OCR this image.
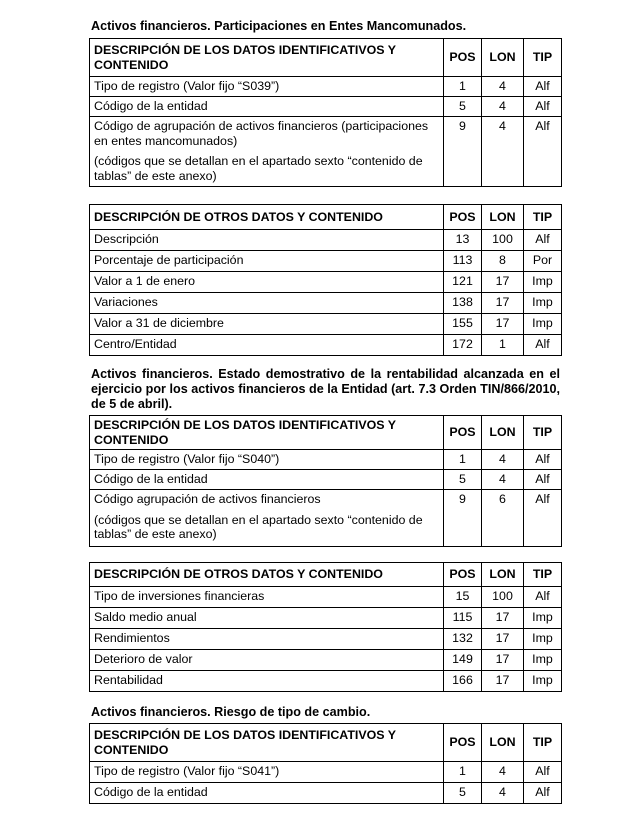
Activos financieros. Participaciones en Entes Mancomunados.

DESCRIPCIÓN DE LOS DATOS IDENTIFICATIVOS Y CONTENIDO	POS	LON	TIP
Tipo de registro (Valor fijo “S039”)	1	4	Alf
Código de la entidad	5	4	Alf
Código de agrupación de activos financieros (participaciones en entes mancomunados)
(códigos que se detallan en el apartado sexto “contenido de tablas” de este anexo)	9	4	Alf
DESCRIPCIÓN DE OTROS DATOS Y CONTENIDO	POS	LON	TIP
Descripción	13	100	Alf
Porcentaje de participación	113	8	Por
Valor a 1 de enero	121	17	Imp
Variaciones	138	17	Imp
Valor a 31 de diciembre	155	17	Imp
Centro/Entidad	172	1	Alf

Activos financieros. Estado demostrativo de la rentabilidad alcanzada en el ejercicio por los activos financieros de la Entidad (art. 7.3 Orden TIN/866/2010, de 5 de abril).

DESCRIPCIÓN DE LOS DATOS IDENTIFICATIVOS Y CONTENIDO	POS	LON	TIP
Tipo de registro (Valor fijo “S040”)	1	4	Alf
Código de la entidad	5	4	Alf
Código agrupación de activos financieros
(códigos que se detallan en el apartado sexto “contenido de tablas” de este anexo)	9	6	Alf
DESCRIPCIÓN DE OTROS DATOS Y CONTENIDO	POS	LON	TIP
Tipo de inversiones financieras	15	100	Alf
Saldo medio anual	115	17	Imp
Rendimientos	132	17	Imp
Deterioro de valor	149	17	Imp
Rentabilidad	166	17	Imp

Activos financieros. Riesgo de tipo de cambio.

DESCRIPCIÓN DE LOS DATOS IDENTIFICATIVOS Y CONTENIDO	POS	LON	TIP
Tipo de registro (Valor fijo “S041”)	1	4	Alf
Código de la entidad	5	4	Alf
